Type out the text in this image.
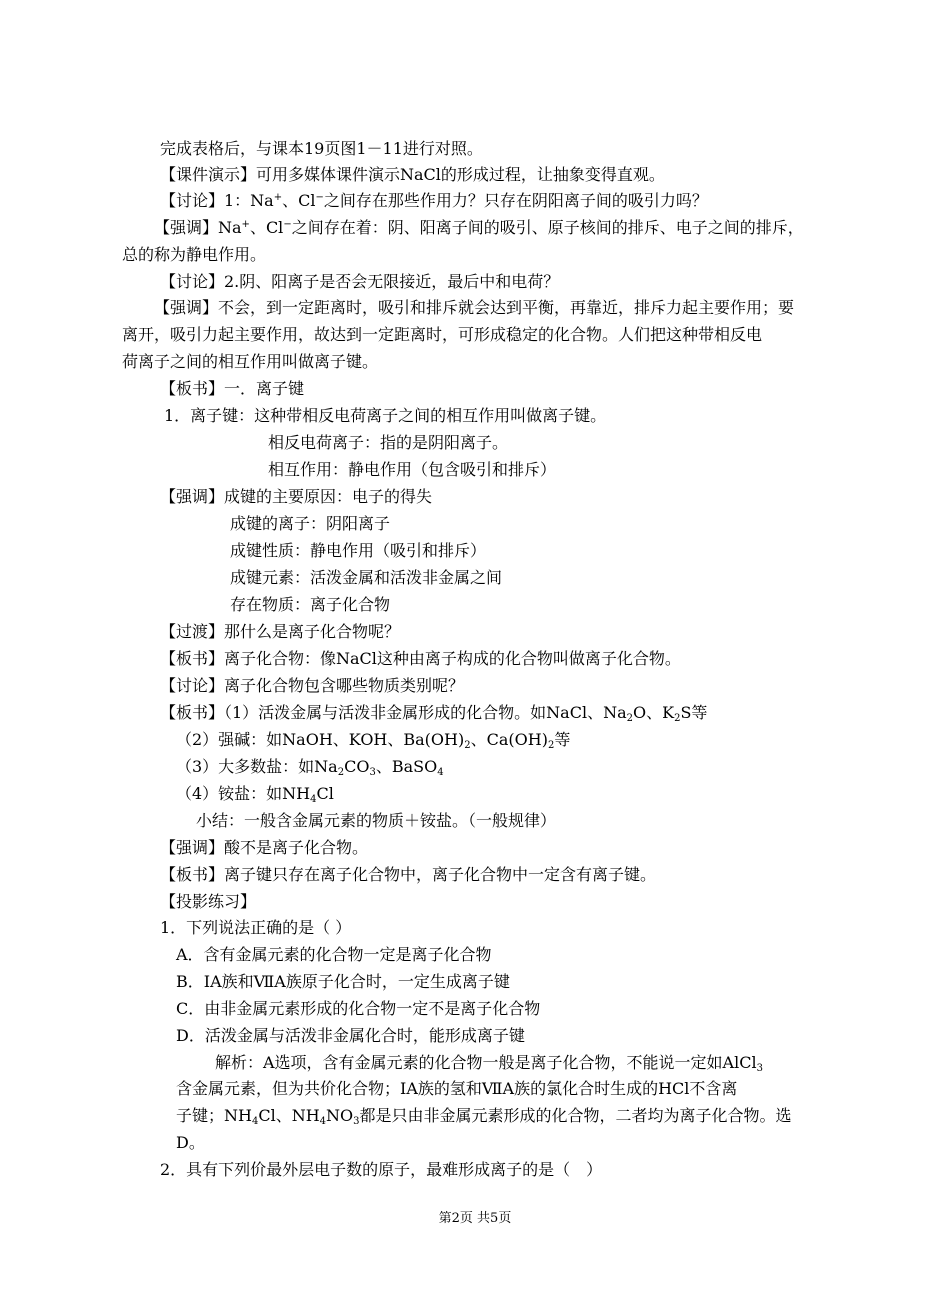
完成表格后，与课本19页图1－11进行对照。
【课件演示】可用多媒体课件演示NaCl的形成过程，让抽象变得直观。
【讨论】1：Na+、Cl−之间存在那些作用力？只存在阴阳离子间的吸引力吗？
【强调】Na+、Cl−之间存在着：阴、阳离子间的吸引、原子核间的排斥、电子之间的排斥，
总的称为静电作用。
【讨论】2.阴、阳离子是否会无限接近，最后中和电荷？
【强调】不会，到一定距离时，吸引和排斥就会达到平衡，再靠近，排斥力起主要作用；要
离开，吸引力起主要作用，故达到一定距离时，可形成稳定的化合物。人们把这种带相反电
荷离子之间的相互作用叫做离子键。
【板书】一．离子键
1．离子键：这种带相反电荷离子之间的相互作用叫做离子键。
相反电荷离子：指的是阴阳离子。
相互作用：静电作用（包含吸引和排斥）
【强调】成键的主要原因：电子的得失
成键的离子：阴阳离子
成键性质：静电作用（吸引和排斥）
成键元素：活泼金属和活泼非金属之间
存在物质：离子化合物
【过渡】那什么是离子化合物呢？
【板书】离子化合物：像NaCl这种由离子构成的化合物叫做离子化合物。
【讨论】离子化合物包含哪些物质类别呢？
【板书】（1）活泼金属与活泼非金属形成的化合物。如NaCl、$Na_2O$、$K_2S$等
（2）强碱：如NaOH、KOH、$Ba(OH)_2$、$Ca(OH)_2$等
（3）大多数盐：如$Na_2CO_3$、BaSO$_4$
（4）铵盐：如$NH_4Cl$
小结：一般含金属元素的物质＋铵盐。（一般规律）
【强调】酸不是离子化合物。
【板书】离子键只存在离子化合物中，离子化合物中一定含有离子键。
【投影练习】
1．下列说法正确的是（ ）
A．含有金属元素的化合物一定是离子化合物
B．ⅠA族和ⅦA族原子化合时，一定生成离子键
C．由非金属元素形成的化合物一定不是离子化合物
D．活泼金属与活泼非金属化合时，能形成离子键
解析：A选项，含有金属元素的化合物一般是离子化合物，不能说一定如AlCl$_3$
含金属元素，但为共价化合物；ⅠA族的氢和ⅦA族的氯化合时生成的HCl不含离
子键；$NH_4Cl$、$NH_4NO_3$都是只由非金属元素形成的化合物，二者均为离子化合物。选
D。
2．具有下列价最外层电子数的原子，最难形成离子的是（　）
第2页 共5页
